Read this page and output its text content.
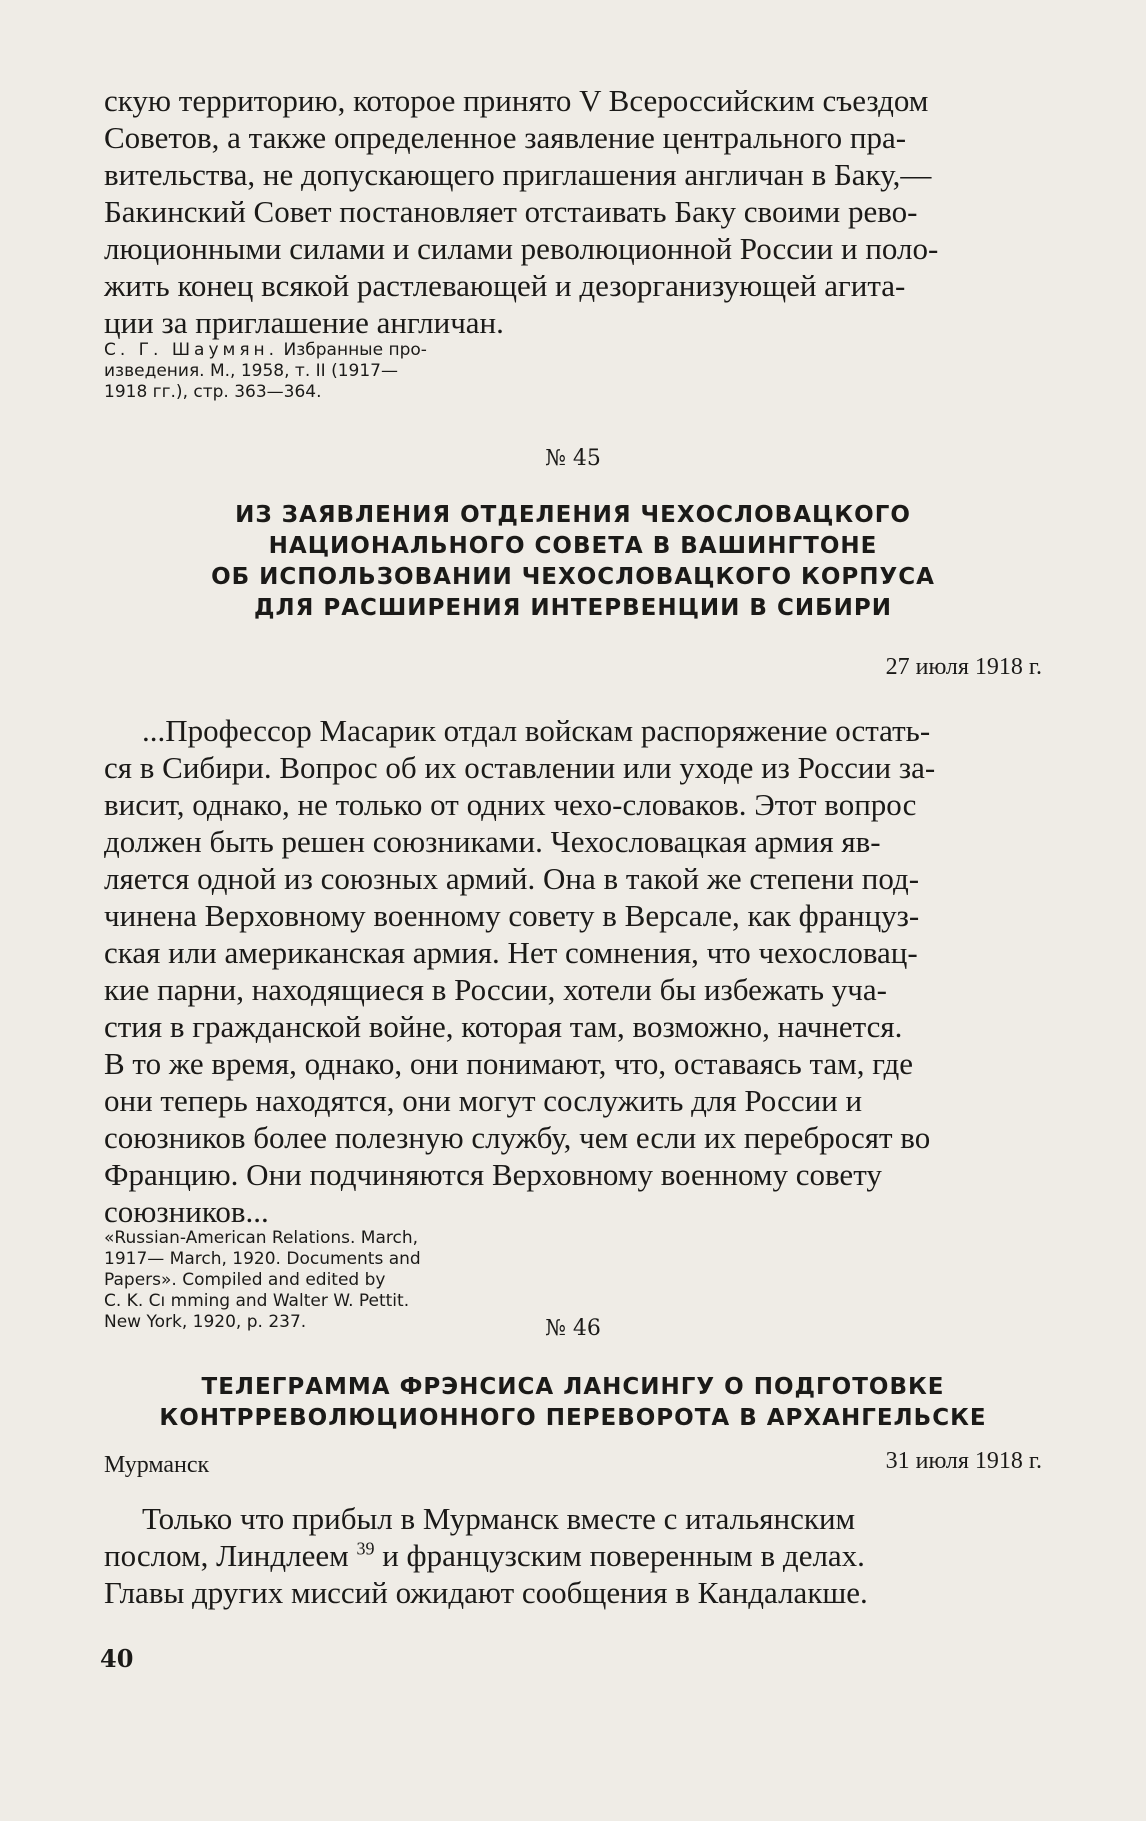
скую территорию, которое принято V Всероссийским съездом

Советов, а также определенное заявление центрального пра-

вительства, не допускающего приглашения англичан в Баку,—

Бакинский Совет постановляет отстаивать Баку своими рево-

люционными силами и силами революционной России и поло-

жить конец всякой растлевающей и дезорганизующей агита-

ции за приглашение англичан.

С. Г. Шаумян. Избранные про-
изведения. М., 1958, т. II (1917—
1918 гг.), стр. 363—364.
№ 45
ИЗ ЗАЯВЛЕНИЯ ОТДЕЛЕНИЯ ЧЕХОСЛОВАЦКОГО
НАЦИОНАЛЬНОГО СОВЕТА В ВАШИНГТОНЕ
ОБ ИСПОЛЬЗОВАНИИ ЧЕХОСЛОВАЦКОГО КОРПУСА
ДЛЯ РАСШИРЕНИЯ ИНТЕРВЕНЦИИ В СИБИРИ
27 июля 1918 г.

...Профессор Масарик отдал войскам распоряжение остать-

ся в Сибири. Вопрос об их оставлении или уходе из России за-

висит, однако, не только от одних чехо-словаков. Этот вопрос

должен быть решен союзниками. Чехословацкая армия яв-

ляется одной из союзных армий. Она в такой же степени под-

чинена Верховному военному совету в Версале, как француз-

ская или американская армия. Нет сомнения, что чехословац-

кие парни, находящиеся в России, хотели бы избежать уча-

стия в гражданской войне, которая там, возможно, начнется.

В то же время, однако, они понимают, что, оставаясь там, где

они теперь находятся, они могут сослужить для России и

союзников более полезную службу, чем если их перебросят во

Францию. Они подчиняются Верховному военному совету

союзников...

«Russian-American Relations. March,
1917— March, 1920. Documents and
Papers». Compiled and edited by
C. K. Cı mming and Walter W. Pettit.
New York, 1920, p. 237.	№ 46
ТЕЛЕГРАММА ФРЭНСИСА ЛАНСИНГУ О ПОДГОТОВКЕ
КОНТРРЕВОЛЮЦИОННОГО ПЕРЕВОРОТА В АРХАНГЕЛЬСКЕ
Мурманск	31 июля 1918 г.

Только что прибыл в Мурманск вместе с итальянским

послом, Линдлеем $^{39}$ и французским поверенным в делах.

Главы других миссий ожидают сообщения в Кандалакше.

40
